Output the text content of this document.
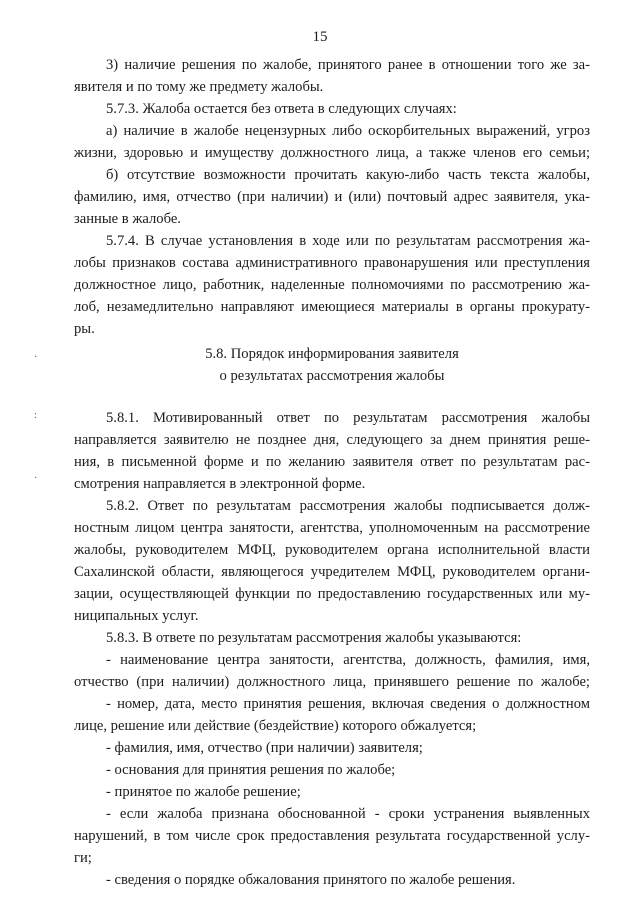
15
3) наличие решения по жалобе, принятого ранее в отношении того же за-
явителя и по тому же предмету жалобы.
5.7.3. Жалоба остается без ответа в следующих случаях:
а) наличие в жалобе нецензурных либо оскорбительных выражений, угроз
жизни, здоровью и имуществу должностного лица, а также членов его семьи;
б) отсутствие возможности прочитать какую-либо часть текста жалобы,
фамилию, имя, отчество (при наличии) и (или) почтовый адрес заявителя, ука-
занные в жалобе.
5.7.4. В случае установления в ходе или по результатам рассмотрения жа-
лобы признаков состава административного правонарушения или преступления
должностное лицо, работник, наделенные полномочиями по рассмотрению жа-
лоб, незамедлительно направляют имеющиеся материалы в органы прокурату-
ры.
5.8. Порядок информирования заявителя
о результатах рассмотрения жалобы
5.8.1. Мотивированный ответ по результатам рассмотрения жалобы
направляется заявителю не позднее дня, следующего за днем принятия реше-
ния, в письменной форме и по желанию заявителя ответ по результатам рас-
смотрения направляется в электронной форме.
5.8.2. Ответ по результатам рассмотрения жалобы подписывается долж-
ностным лицом центра занятости, агентства, уполномоченным на рассмотрение
жалобы, руководителем МФЦ, руководителем органа исполнительной власти
Сахалинской области, являющегося учредителем МФЦ, руководителем органи-
зации, осуществляющей функции по предоставлению государственных или му-
ниципальных услуг.
5.8.3. В ответе по результатам рассмотрения жалобы указываются:
- наименование центра занятости, агентства, должность, фамилия, имя,
отчество (при наличии) должностного лица, принявшего решение по жалобе;
- номер, дата, место принятия решения, включая сведения о должностном
лице, решение или действие (бездействие) которого обжалуется;
- фамилия, имя, отчество (при наличии) заявителя;
- основания для принятия решения по жалобе;
- принятое по жалобе решение;
- если жалоба признана обоснованной - сроки устранения выявленных
нарушений, в том числе срок предоставления результата государственной услу-
ги;
- сведения о порядке обжалования принятого по жалобе решения.
·
:
·
